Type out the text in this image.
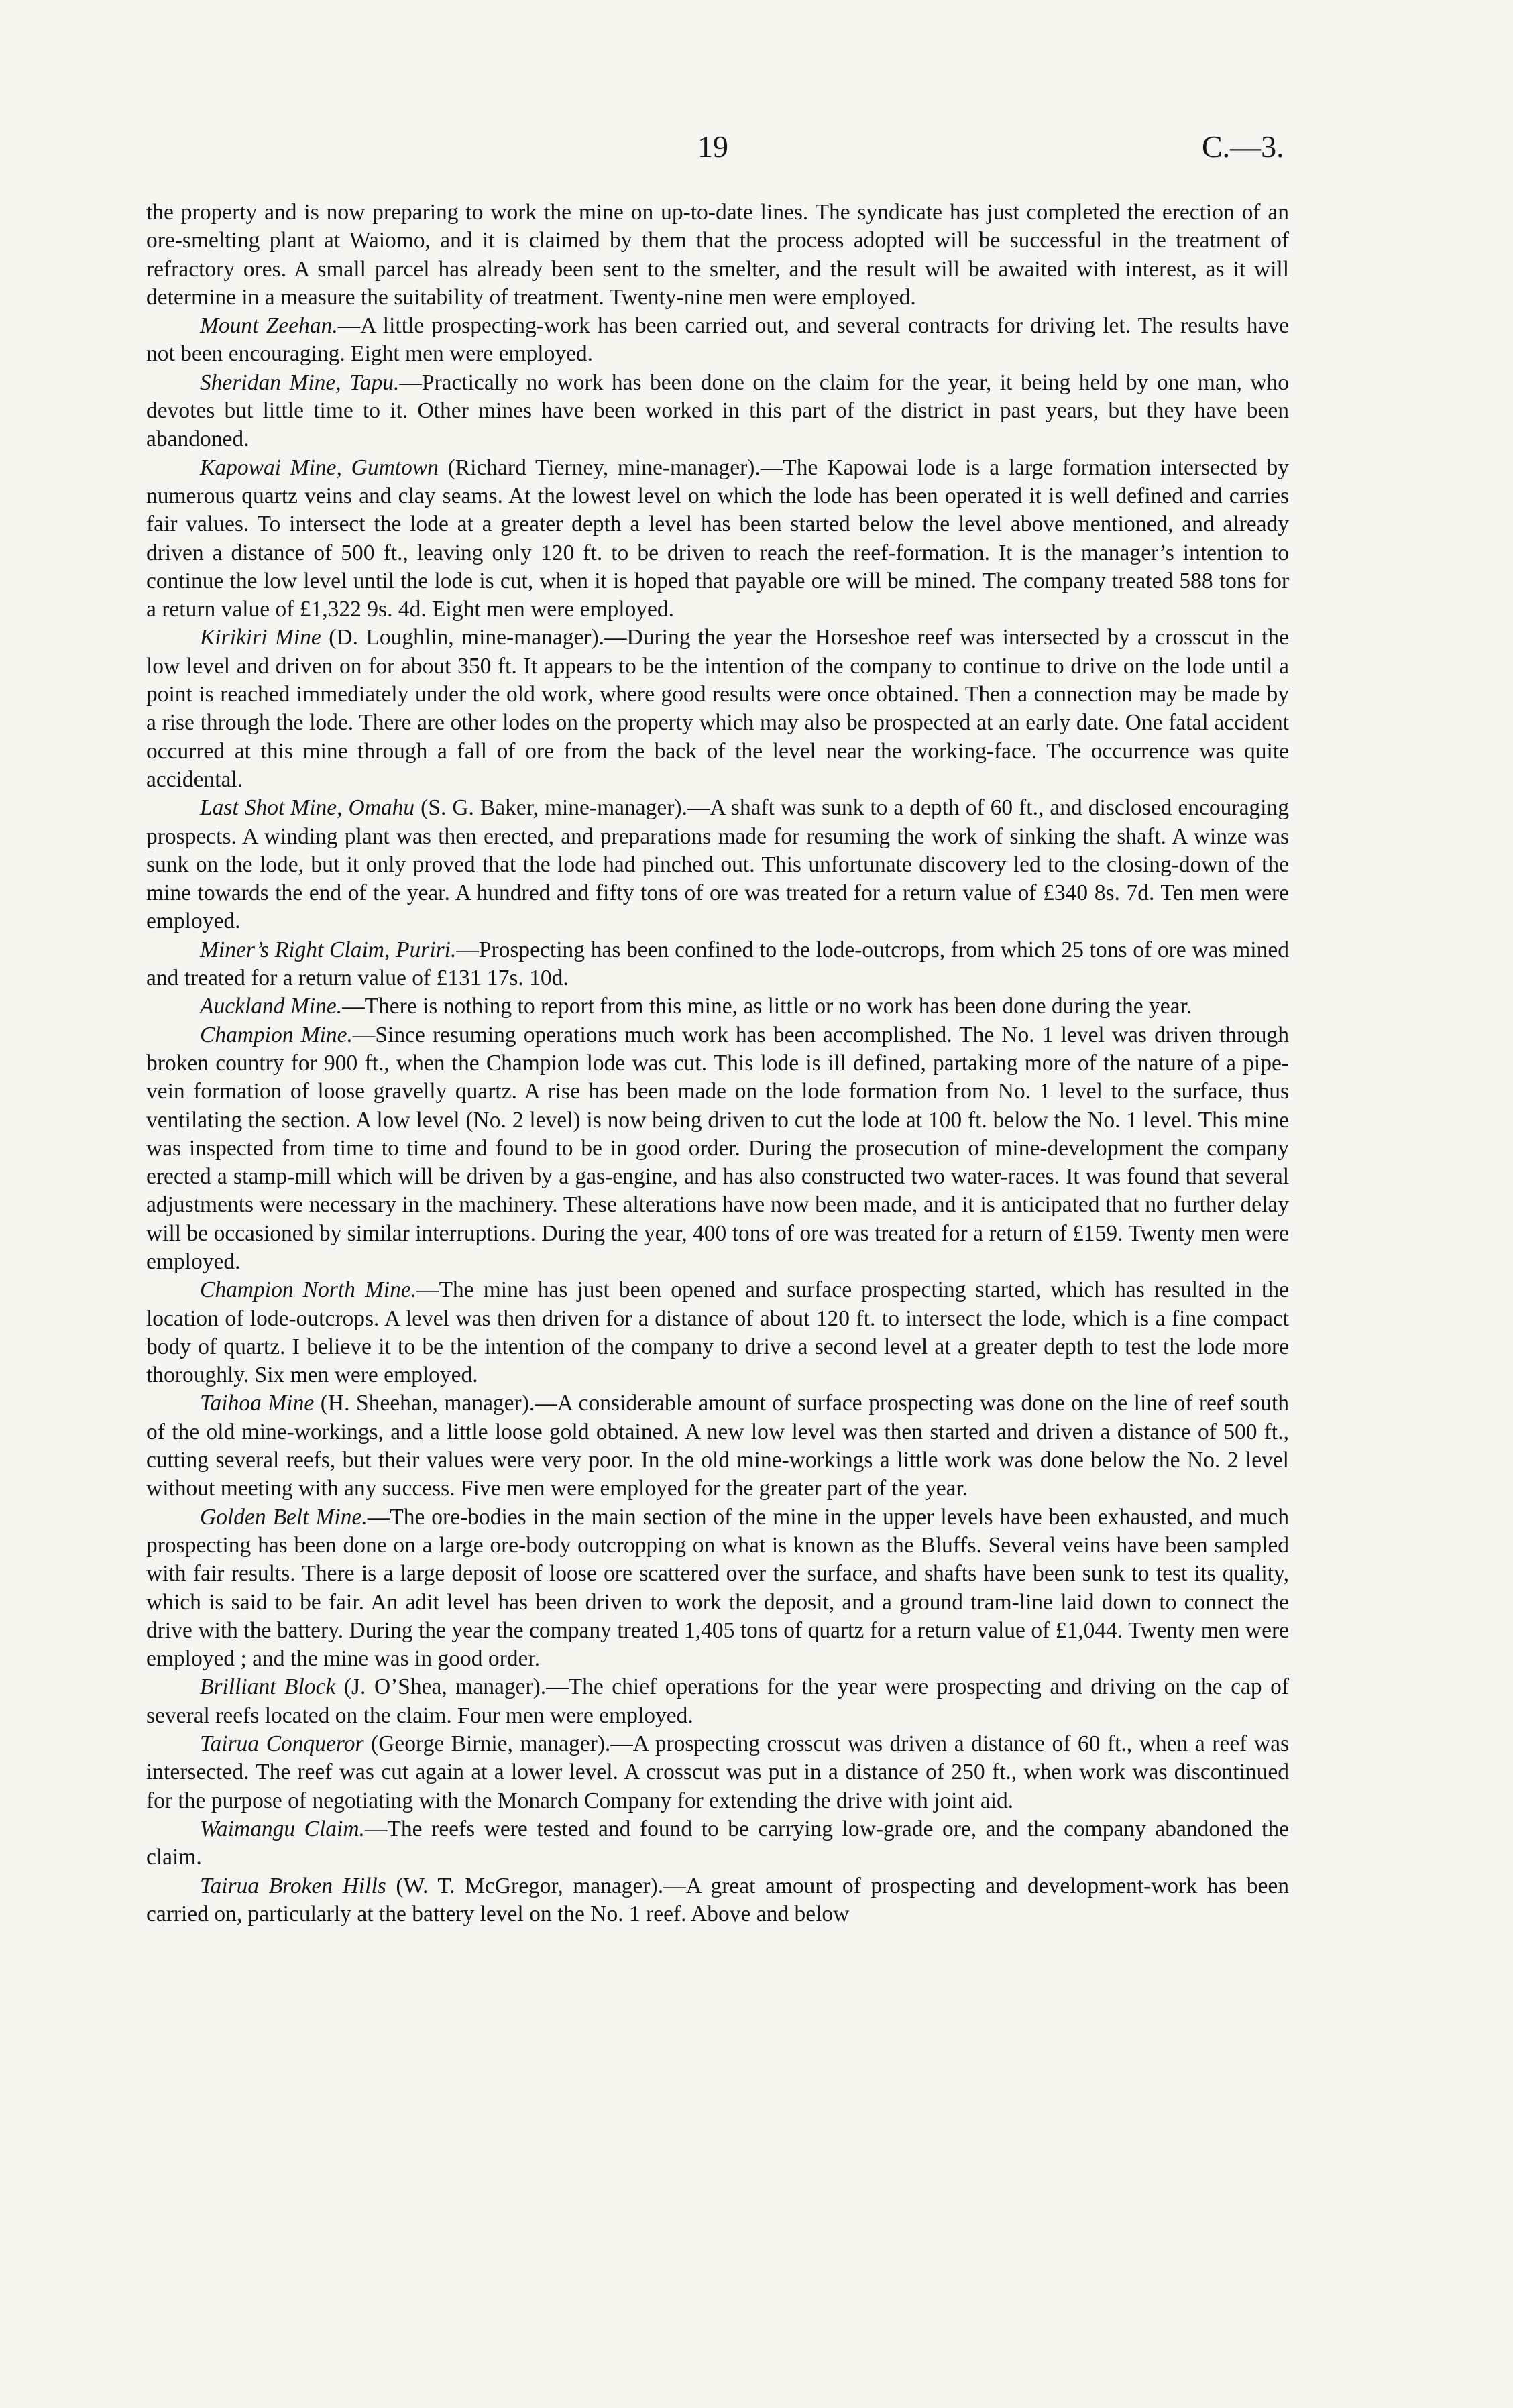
19	C.—3.

the property and is now preparing to work the mine on up-to-date lines. The syndicate has just completed the erection of an ore-smelting plant at Waiomo, and it is claimed by them that the process adopted will be successful in the treatment of refractory ores. A small parcel has already been sent to the smelter, and the result will be awaited with interest, as it will determine in a measure the suitability of treatment. Twenty-nine men were employed.

Mount Zeehan.—A little prospecting-work has been carried out, and several contracts for driving let. The results have not been encouraging. Eight men were employed.

Sheridan Mine, Tapu.—Practically no work has been done on the claim for the year, it being held by one man, who devotes but little time to it. Other mines have been worked in this part of the district in past years, but they have been abandoned.

Kapowai Mine, Gumtown (Richard Tierney, mine-manager).—The Kapowai lode is a large formation intersected by numerous quartz veins and clay seams. At the lowest level on which the lode has been operated it is well defined and carries fair values. To intersect the lode at a greater depth a level has been started below the level above mentioned, and already driven a distance of 500 ft., leaving only 120 ft. to be driven to reach the reef-formation. It is the manager’s intention to continue the low level until the lode is cut, when it is hoped that payable ore will be mined. The company treated 588 tons for a return value of £1,322 9s. 4d. Eight men were employed.

Kirikiri Mine (D. Loughlin, mine-manager).—During the year the Horseshoe reef was intersected by a crosscut in the low level and driven on for about 350 ft. It appears to be the intention of the company to continue to drive on the lode until a point is reached immediately under the old work, where good results were once obtained. Then a connection may be made by a rise through the lode. There are other lodes on the property which may also be prospected at an early date. One fatal accident occurred at this mine through a fall of ore from the back of the level near the working-face. The occurrence was quite accidental.

Last Shot Mine, Omahu (S. G. Baker, mine-manager).—A shaft was sunk to a depth of 60 ft., and disclosed encouraging prospects. A winding plant was then erected, and preparations made for resuming the work of sinking the shaft. A winze was sunk on the lode, but it only proved that the lode had pinched out. This unfortunate discovery led to the closing-down of the mine towards the end of the year. A hundred and fifty tons of ore was treated for a return value of £340 8s. 7d. Ten men were employed.

Miner’s Right Claim, Puriri.—Prospecting has been confined to the lode-outcrops, from which 25 tons of ore was mined and treated for a return value of £131 17s. 10d.

Auckland Mine.—There is nothing to report from this mine, as little or no work has been done during the year.

Champion Mine.—Since resuming operations much work has been accomplished. The No. 1 level was driven through broken country for 900 ft., when the Champion lode was cut. This lode is ill defined, partaking more of the nature of a pipe-vein formation of loose gravelly quartz. A rise has been made on the lode formation from No. 1 level to the surface, thus ventilating the section. A low level (No. 2 level) is now being driven to cut the lode at 100 ft. below the No. 1 level. This mine was inspected from time to time and found to be in good order. During the prosecution of mine-development the company erected a stamp-mill which will be driven by a gas-engine, and has also constructed two water-races. It was found that several adjustments were necessary in the machinery. These alterations have now been made, and it is anticipated that no further delay will be occasioned by similar interruptions. During the year, 400 tons of ore was treated for a return of £159. Twenty men were employed.

Champion North Mine.—The mine has just been opened and surface prospecting started, which has resulted in the location of lode-outcrops. A level was then driven for a distance of about 120 ft. to intersect the lode, which is a fine compact body of quartz. I believe it to be the intention of the company to drive a second level at a greater depth to test the lode more thoroughly. Six men were employed.

Taihoa Mine (H. Sheehan, manager).—A considerable amount of surface prospecting was done on the line of reef south of the old mine-workings, and a little loose gold obtained. A new low level was then started and driven a distance of 500 ft., cutting several reefs, but their values were very poor. In the old mine-workings a little work was done below the No. 2 level without meeting with any success. Five men were employed for the greater part of the year.

Golden Belt Mine.—The ore-bodies in the main section of the mine in the upper levels have been exhausted, and much prospecting has been done on a large ore-body outcropping on what is known as the Bluffs. Several veins have been sampled with fair results. There is a large deposit of loose ore scattered over the surface, and shafts have been sunk to test its quality, which is said to be fair. An adit level has been driven to work the deposit, and a ground tram-line laid down to connect the drive with the battery. During the year the company treated 1,405 tons of quartz for a return value of £1,044. Twenty men were employed ; and the mine was in good order.

Brilliant Block (J. O’Shea, manager).—The chief operations for the year were prospecting and driving on the cap of several reefs located on the claim. Four men were employed.

Tairua Conqueror (George Birnie, manager).—A prospecting crosscut was driven a distance of 60 ft., when a reef was intersected. The reef was cut again at a lower level. A crosscut was put in a distance of 250 ft., when work was discontinued for the purpose of negotiating with the Monarch Company for extending the drive with joint aid.

Waimangu Claim.—The reefs were tested and found to be carrying low-grade ore, and the company abandoned the claim.

Tairua Broken Hills (W. T. McGregor, manager).—A great amount of prospecting and development-work has been carried on, particularly at the battery level on the No. 1 reef. Above and below
